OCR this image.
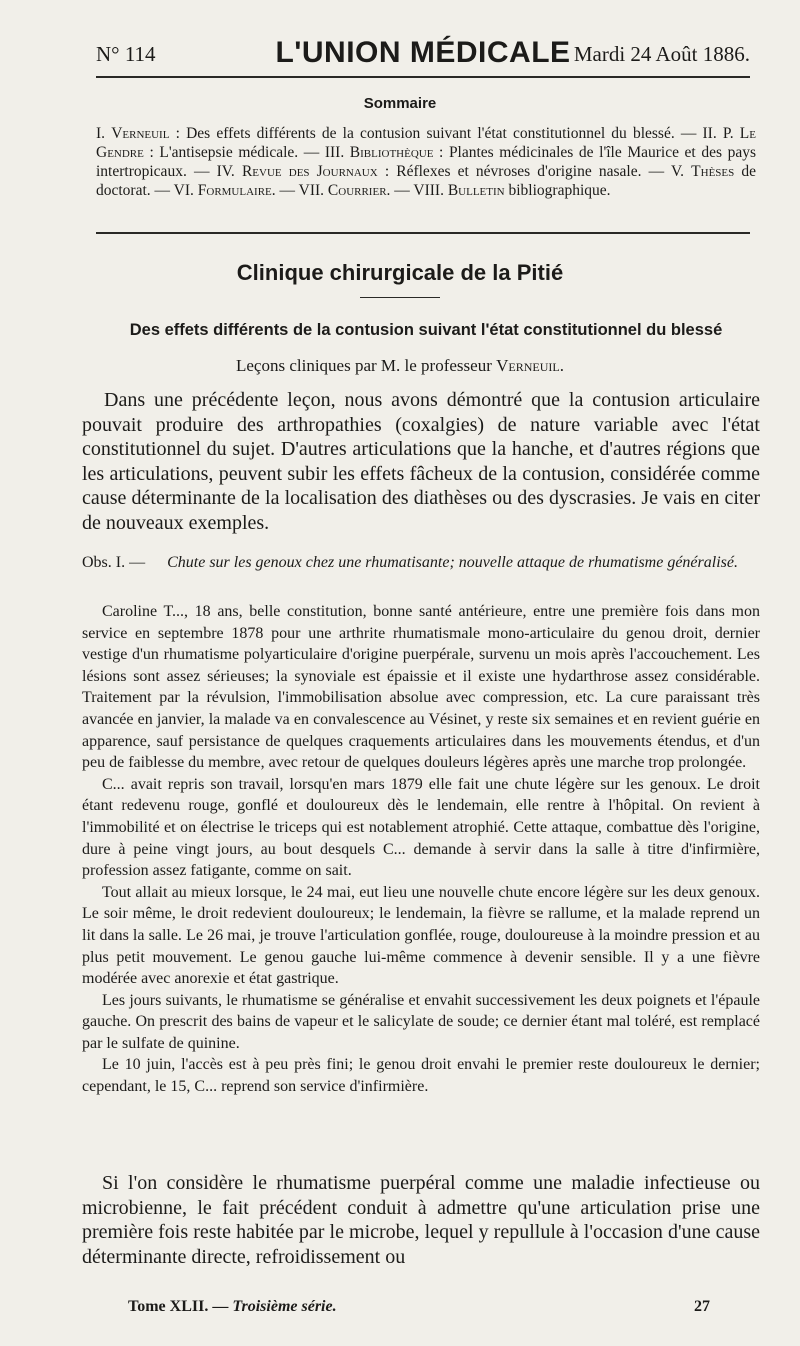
N° 114	L'UNION MÉDICALE Mardi 24 Août 1886.
Sommaire
I. Verneuil : Des effets différents de la contusion suivant l'état constitutionnel du blessé. — II. P. Le Gendre : L'antisepsie médicale. — III. Bibliothèque : Plantes médicinales de l'île Maurice et des pays intertropicaux. — IV. Revue des Journaux : Réflexes et névroses d'origine nasale. — V. Thèses de doctorat. — VI. Formulaire. — VII. Courrier. — VIII. Bulletin bibliographique.
Clinique chirurgicale de la Pitié
Des effets différents de la contusion suivant l'état constitutionnel du blessé
Leçons cliniques par M. le professeur Verneuil.

Dans une précédente leçon, nous avons démontré que la contusion articulaire pouvait produire des arthropathies (coxalgies) de nature variable avec l'état constitutionnel du sujet. D'autres articulations que la hanche, et d'autres régions que les articulations, peuvent subir les effets fâcheux de la contusion, considérée comme cause déterminante de la localisation des diathèses ou des dyscrasies. Je vais en citer de nouveaux exemples.

Obs. I. — Chute sur les genoux chez une rhumatisante; nouvelle attaque de rhumatisme généralisé.

Caroline T..., 18 ans, belle constitution, bonne santé antérieure, entre une première fois dans mon service en septembre 1878 pour une arthrite rhumatismale mono-articulaire du genou droit, dernier vestige d'un rhumatisme polyarticulaire d'origine puerpérale, survenu un mois après l'accouchement. Les lésions sont assez sérieuses; la synoviale est épaissie et il existe une hydarthrose assez considérable. Traitement par la révulsion, l'immobilisation absolue avec compression, etc. La cure paraissant très avancée en janvier, la malade va en convalescence au Vésinet, y reste six semaines et en revient guérie en apparence, sauf persistance de quelques craquements articulaires dans les mouvements étendus, et d'un peu de faiblesse du membre, avec retour de quelques douleurs légères après une marche trop prolongée.

C... avait repris son travail, lorsqu'en mars 1879 elle fait une chute légère sur les genoux. Le droit étant redevenu rouge, gonflé et douloureux dès le lendemain, elle rentre à l'hôpital. On revient à l'immobilité et on électrise le triceps qui est notablement atrophié. Cette attaque, combattue dès l'origine, dure à peine vingt jours, au bout desquels C... demande à servir dans la salle à titre d'infirmière, profession assez fatigante, comme on sait.

Tout allait au mieux lorsque, le 24 mai, eut lieu une nouvelle chute encore légère sur les deux genoux. Le soir même, le droit redevient douloureux; le lendemain, la fièvre se rallume, et la malade reprend un lit dans la salle. Le 26 mai, je trouve l'articulation gonflée, rouge, douloureuse à la moindre pression et au plus petit mouvement. Le genou gauche lui-même commence à devenir sensible. Il y a une fièvre modérée avec anorexie et état gastrique.

Les jours suivants, le rhumatisme se généralise et envahit successivement les deux poignets et l'épaule gauche. On prescrit des bains de vapeur et le salicylate de soude; ce dernier étant mal toléré, est remplacé par le sulfate de quinine.

Le 10 juin, l'accès est à peu près fini; le genou droit envahi le premier reste douloureux le dernier; cependant, le 15, C... reprend son service d'infirmière.

Si l'on considère le rhumatisme puerpéral comme une maladie infectieuse ou microbienne, le fait précédent conduit à admettre qu'une articulation prise une première fois reste habitée par le microbe, lequel y repullule à l'occasion d'une cause déterminante directe, refroidissement ou

Tome XLII. — Troisième série.	27
